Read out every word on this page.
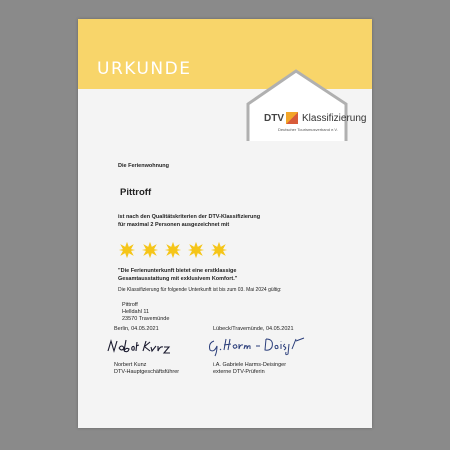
URKUNDE
DTV Klassifizierung
Deutscher Tourismusverband e.V.
Die Ferienwohnung
Pittroff
ist nach den Qualitätskriterien der DTV-Klassifizierung
für maximal 2 Personen ausgezeichnet mit
"Die Ferienunterkunft bietet eine erstklassige
Gesamtausstattung mit exklusivem Komfort."
Die Klassifizierung für folgende Unterkunft ist bis zum 03. Mai 2024 gültig:
Pittroff
Helldahl 11
23570 Travemünde
Berlin, 04.05.2021	Lübeck/Travemünde, 04.05.2021
Norbert Kunz
DTV-Hauptgeschäftsführer
i.A. Gabriele Harms-Deisinger
externe DTV-Prüferin
